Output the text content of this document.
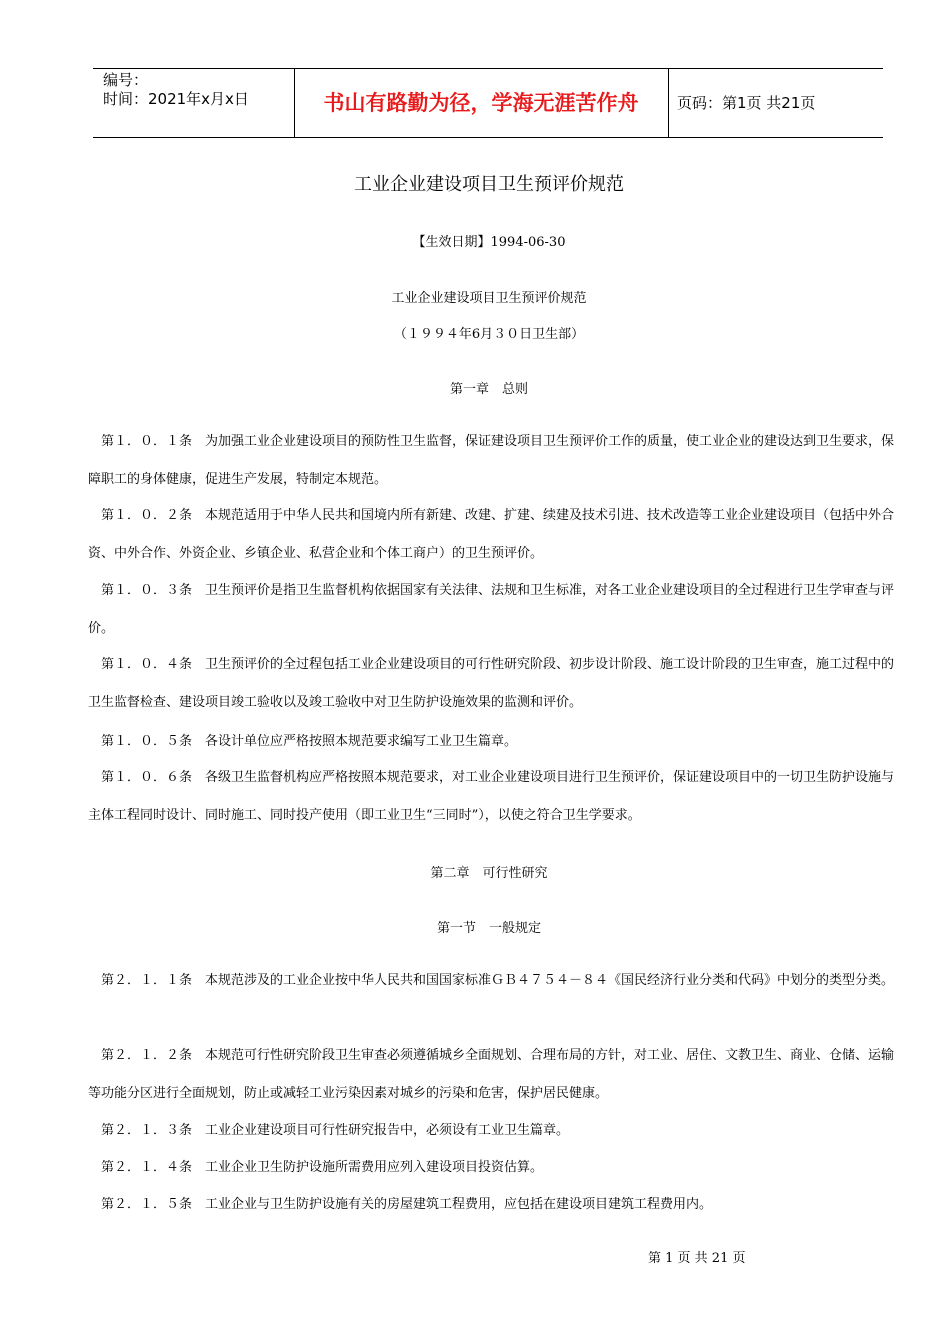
编号：
时间：2021年x月x日	书山有路勤为径，学海无涯苦作舟	页码：第1页 共21页
工业企业建设项目卫生预评价规范
【生效日期】1994-06-30
工业企业建设项目卫生预评价规范
（１９９４年6月３０日卫生部）
第一章　总则
第１．０．１条　为加强工业企业建设项目的预防性卫生监督，保证建设项目卫生预评价工作的质量，使工业企业的建设达到卫生要求，保障职工的身体健康，促进生产发展，特制定本规范。
第１．０．２条　本规范适用于中华人民共和国境内所有新建、改建、扩建、续建及技术引进、技术改造等工业企业建设项目（包括中外合资、中外合作、外资企业、乡镇企业、私营企业和个体工商户）的卫生预评价。
第１．０．３条　卫生预评价是指卫生监督机构依据国家有关法律、法规和卫生标准，对各工业企业建设项目的全过程进行卫生学审查与评价。
第１．０．４条　卫生预评价的全过程包括工业企业建设项目的可行性研究阶段、初步设计阶段、施工设计阶段的卫生审查，施工过程中的卫生监督检查、建设项目竣工验收以及竣工验收中对卫生防护设施效果的监测和评价。
第１．０．５条　各设计单位应严格按照本规范要求编写工业卫生篇章。
第１．０．６条　各级卫生监督机构应严格按照本规范要求，对工业企业建设项目进行卫生预评价，保证建设项目中的一切卫生防护设施与主体工程同时设计、同时施工、同时投产使用（即工业卫生“三同时”），以使之符合卫生学要求。
第二章　可行性研究
第一节　一般规定
第２．１．１条　本规范涉及的工业企业按中华人民共和国国家标准ＧＢ４７５４－８４《国民经济行业分类和代码》中划分的类型分类。
第２．１．２条　本规范可行性研究阶段卫生审查必须遵循城乡全面规划、合理布局的方针，对工业、居住、文教卫生、商业、仓储、运输等功能分区进行全面规划，防止或减轻工业污染因素对城乡的污染和危害，保护居民健康。
第２．１．３条　工业企业建设项目可行性研究报告中，必须设有工业卫生篇章。
第２．１．４条　工业企业卫生防护设施所需费用应列入建设项目投资估算。
第２．１．５条　工业企业与卫生防护设施有关的房屋建筑工程费用，应包括在建设项目建筑工程费用内。
第 1 页 共 21 页
